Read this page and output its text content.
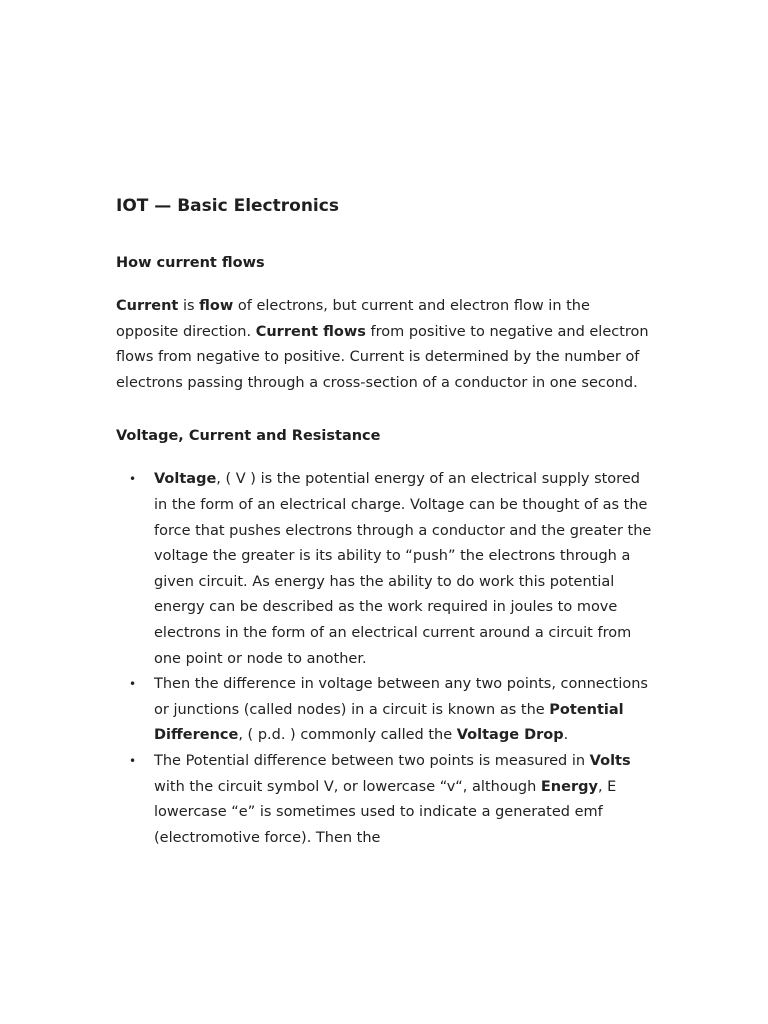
IOT — Basic Electronics
How current flows

Current is flow of electrons, but current and electron flow in the opposite direction. Current flows from positive to negative and electron flows from negative to positive. Current is determined by the number of electrons passing through a cross-section of a conductor in one second.

Voltage, Current and Resistance
• Voltage, ( V ) is the potential energy of an electrical supply stored in the form of an electrical charge. Voltage can be thought of as the force that pushes electrons through a conductor and the greater the voltage the greater is its ability to “push” the electrons through a given circuit. As energy has the ability to do work this potential energy can be described as the work required in joules to move electrons in the form of an electrical current around a circuit from one point or node to another.
• Then the difference in voltage between any two points, connections or junctions (called nodes) in a circuit is known as the Potential Difference, ( p.d. ) commonly called the Voltage Drop.
• The Potential difference between two points is measured in Volts with the circuit symbol V, or lowercase “v“, although Energy, E lowercase “e” is sometimes used to indicate a generated emf (electromotive force). Then the
